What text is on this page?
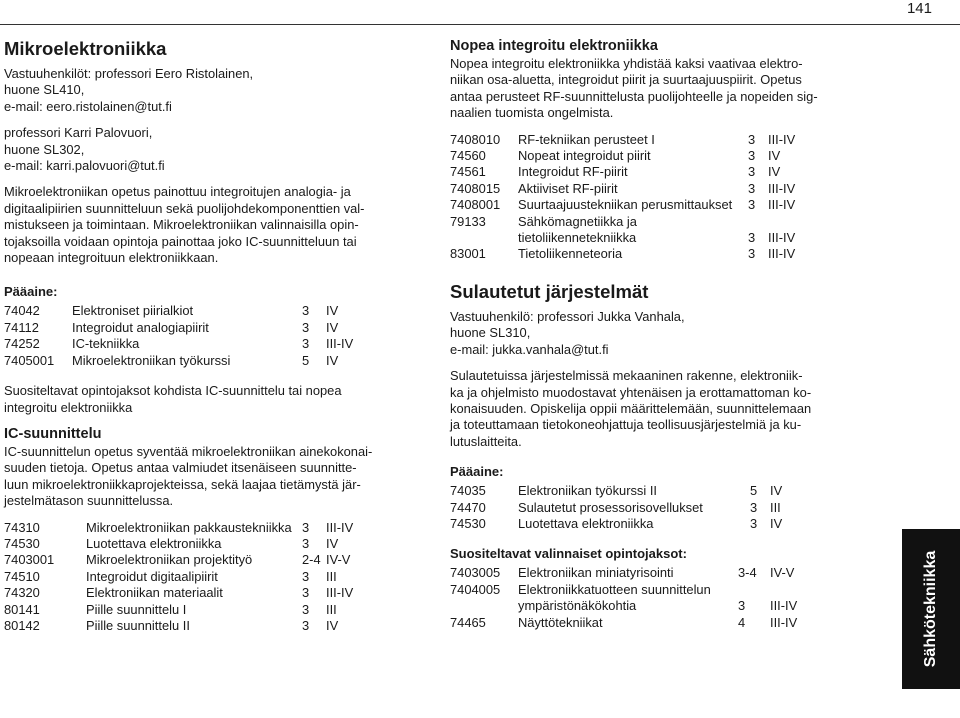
141
Mikroelektroniikka

Vastuuhenkilöt: professori Eero Ristolainen,

huone SL410,

e-mail: eero.ristolainen@tut.fi

professori Karri Palovuori,

huone SL302,

e-mail: karri.palovuori@tut.fi

Mikroelektroniikan opetus painottuu integroitujen analogia- ja

digitaalipiirien suunnitteluun sekä puolijohdekomponenttien val-

mistukseen ja toimintaan. Mikroelektroniikan valinnaisilla opin-

tojaksoilla voidaan opintoja painottaa joko IC-suunnitteluun tai

nopeaan integroituun elektroniikkaan.

Pääaine:
74042	Elektroniset piirialkiot	3	IV
74112	Integroidut analogiapiirit	3	IV
74252	IC-tekniikka	3	III-IV
7405001	Mikroelektroniikan työkurssi	5	IV

Suositeltavat opintojaksot kohdista IC-suunnittelu tai nopea

integroitu elektroniikka

IC-suunnittelu

IC-suunnittelun opetus syventää mikroelektroniikan ainekokonai-

suuden tietoja. Opetus antaa valmiudet itsenäiseen suunnitte-

luun mikroelektroniikkaprojekteissa, sekä laajaa tietämystä jär-

jestelmätason suunnittelussa.

74310	Mikroelektroniikan pakkaustekniikka	3	III-IV
74530	Luotettava elektroniikka	3	IV
7403001	Mikroelektroniikan projektityö	2-4	IV-V
74510	Integroidut digitaalipiirit	3	III
74320	Elektroniikan materiaalit	3	III-IV
80141	Piille suunnittelu I	3	III
80142	Piille suunnittelu II	3	IV
Nopea integroitu elektroniikka

Nopea integroitu elektroniikka yhdistää kaksi vaativaa elektro-

niikan osa-aluetta, integroidut piirit ja suurtaajuuspiirit. Opetus

antaa perusteet RF-suunnittelusta puolijohteelle ja nopeiden sig-

naalien tuomista ongelmista.

7408010	RF-tekniikan perusteet I	3	III-IV
74560	Nopeat integroidut piirit	3	IV
74561	Integroidut RF-piirit	3	IV
7408015	Aktiiviset RF-piirit	3	III-IV
7408001	Suurtaajuustekniikan perusmittaukset	3	III-IV
79133	Sähkömagnetiikka ja		
	tietoliikennetekniikka	3	III-IV
83001	Tietoliikenneteoria	3	III-IV
Sulautetut järjestelmät

Vastuuhenkilö: professori Jukka Vanhala,

huone SL310,

e-mail: jukka.vanhala@tut.fi

Sulautetuissa järjestelmissä mekaaninen rakenne, elektroniik-

ka ja ohjelmisto muodostavat yhtenäisen ja erottamattoman ko-

konaisuuden. Opiskelija oppii määrittelemään, suunnittelemaan

ja toteuttamaan tietokoneohjattuja teollisuusjärjestelmiä ja ku-

lutuslaitteita.

Pääaine:
74035	Elektroniikan työkurssi II	5	IV
74470	Sulautetut prosessorisovellukset	3	III
74530	Luotettava elektroniikka	3	IV
Suositeltavat valinnaiset opintojaksot:
7403005	Elektroniikan miniatyrisointi	3-4	IV-V
7404005	Elektroniikkatuotteen suunnittelun		
	ympäristönäkökohtia	3	III-IV
74465	Näyttötekniikat	4	III-IV	Sähkötekniikka
